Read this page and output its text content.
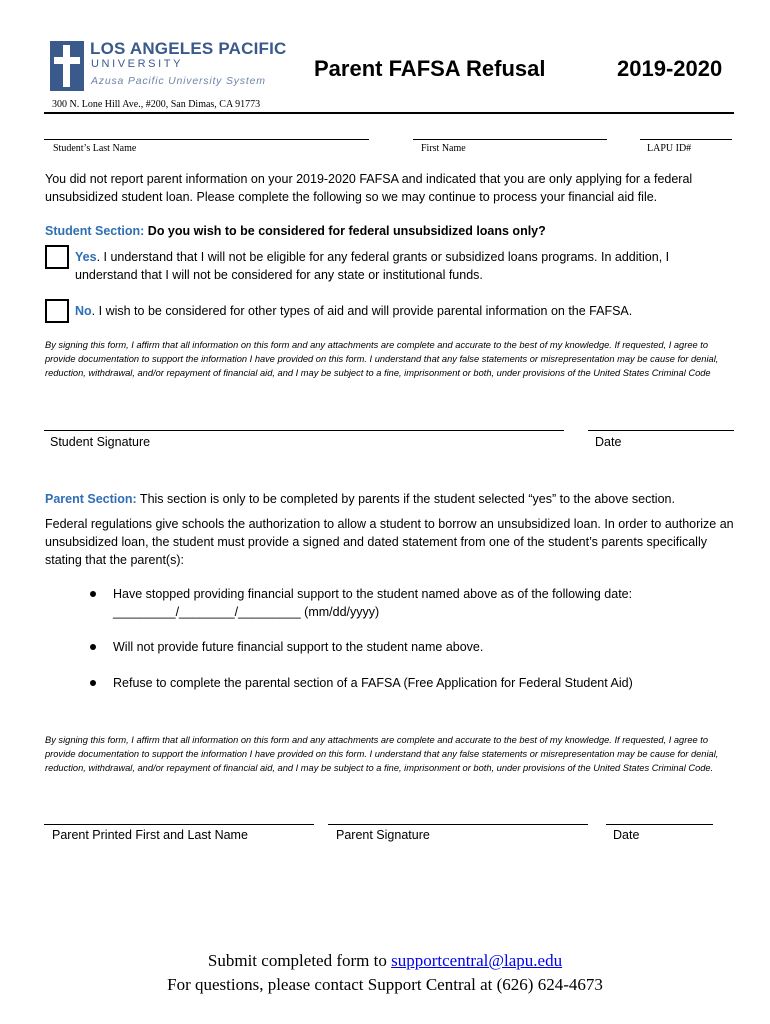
LOS ANGELES PACIFIC
UNIVERSITY
Azusa Pacific University System Parent FAFSA Refusal	2019-2020
300 N. Lone Hill Ave., #200, San Dimas, CA 91773
Student’s Last Name	First Name	LAPU ID#
You did not report parent information on your 2019-2020 FAFSA and indicated that you are only applying for a federal unsubsidized student loan. Please complete the following so we may continue to process your financial aid file.
Student Section: Do you wish to be considered for federal unsubsidized loans only?
Yes. I understand that I will not be eligible for any federal grants or subsidized loans programs. In addition, I understand that I will not be considered for any state or institutional funds.
No. I wish to be considered for other types of aid and will provide parental information on the FAFSA.
By signing this form, I affirm that all information on this form and any attachments are complete and accurate to the best of my knowledge. If requested, I agree to provide documentation to support the information I have provided on this form. I understand that any false statements or misrepresentation may be cause for denial, reduction, withdrawal, and/or repayment of financial aid, and I may be subject to a fine, imprisonment or both, under provisions of the United States Criminal Code
Student Signature	Date
Parent Section: This section is only to be completed by parents if the student selected “yes” to the above section.
Federal regulations give schools the authorization to allow a student to borrow an unsubsidized loan. In order to authorize an unsubsidized loan, the student must provide a signed and dated statement from one of the student’s parents specifically stating that the parent(s):
Have stopped providing financial support to the student named above as of the following date:
_________/________/_________ (mm/dd/yyyy)
Will not provide future financial support to the student name above.
Refuse to complete the parental section of a FAFSA (Free Application for Federal Student Aid)
By signing this form, I affirm that all information on this form and any attachments are complete and accurate to the best of my knowledge. If requested, I agree to provide documentation to support the information I have provided on this form. I understand that any false statements or misrepresentation may be cause for denial, reduction, withdrawal, and/or repayment of financial aid, and I may be subject to a fine, imprisonment or both, under provisions of the United States Criminal Code.
Parent Printed First and Last Name	Parent Signature	Date
Submit completed form to supportcentral@lapu.edu
For questions, please contact Support Central at (626) 624-4673
